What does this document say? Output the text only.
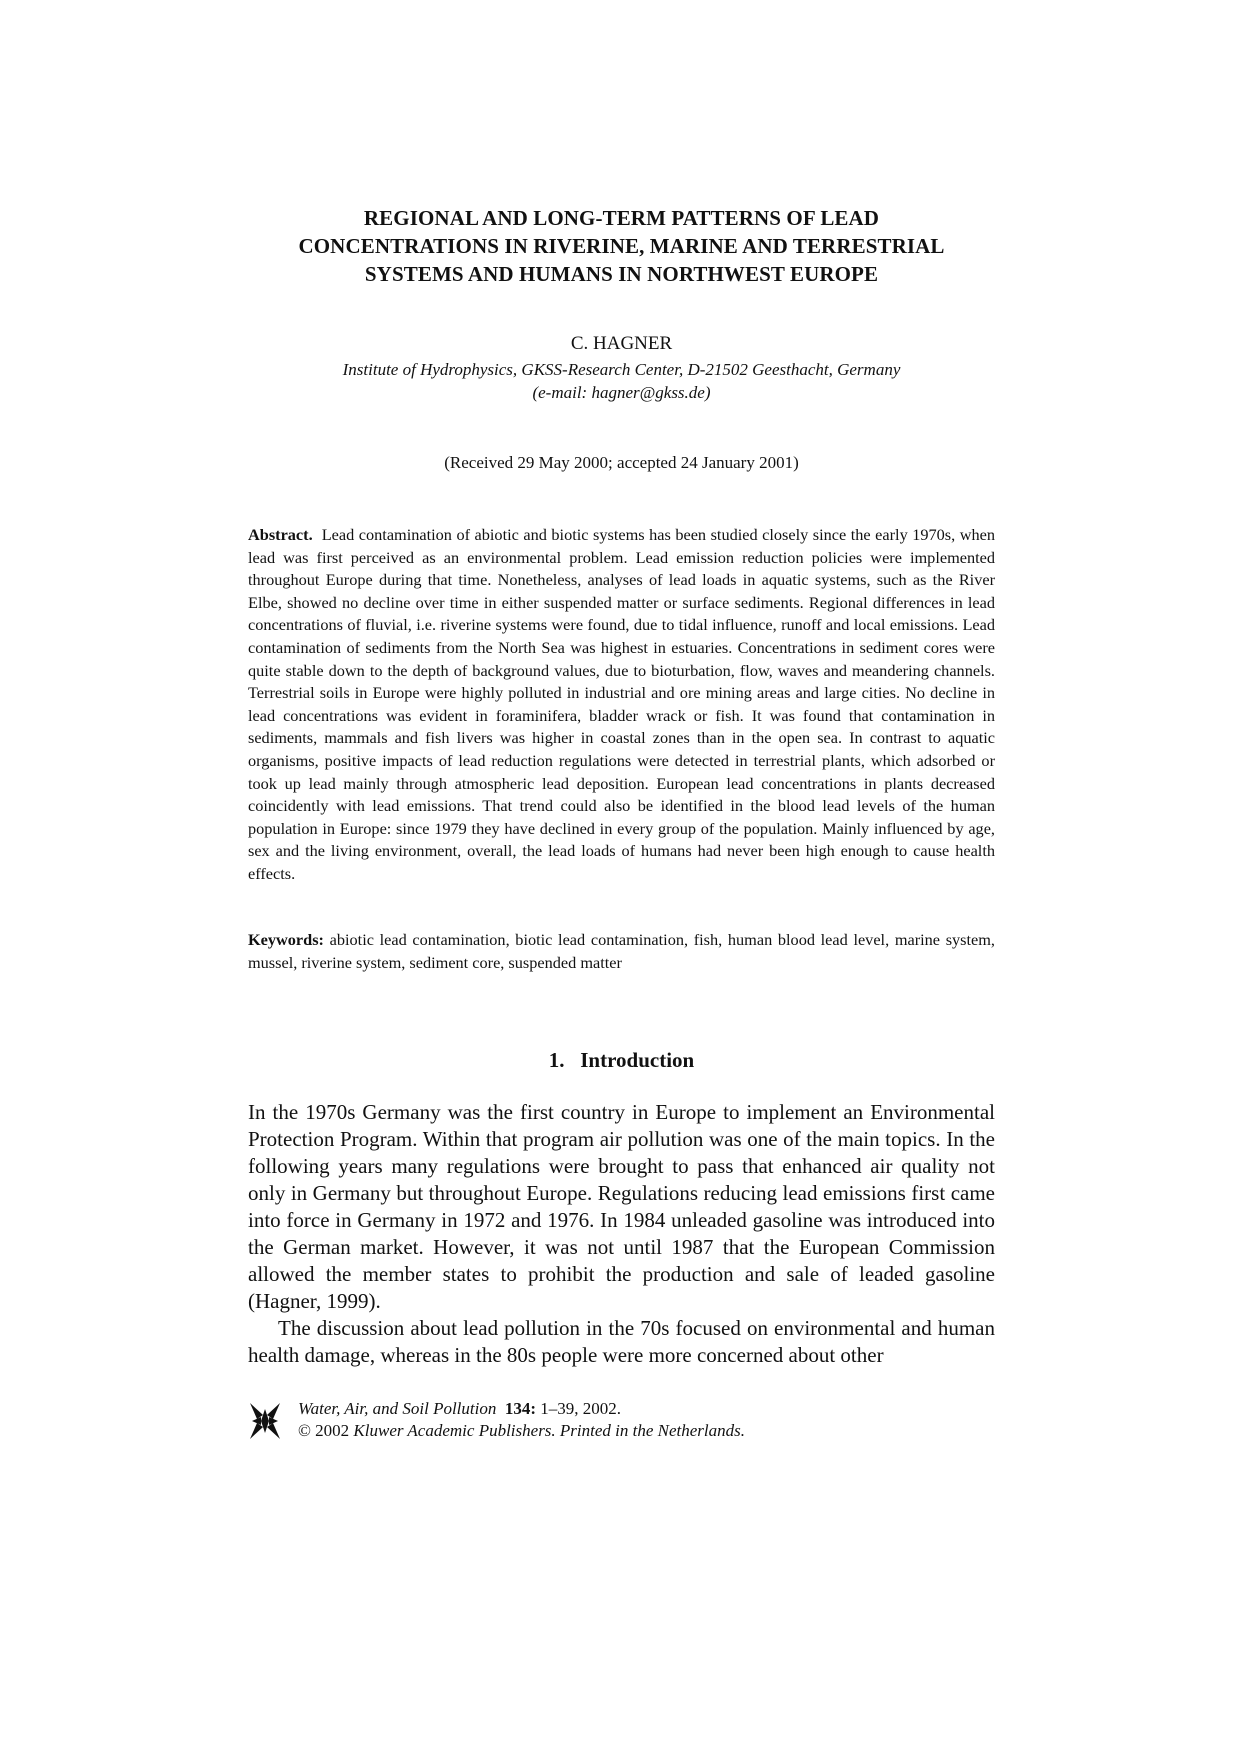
REGIONAL AND LONG-TERM PATTERNS OF LEAD
CONCENTRATIONS IN RIVERINE, MARINE AND TERRESTRIAL
SYSTEMS AND HUMANS IN NORTHWEST EUROPE
C. HAGNER
Institute of Hydrophysics, GKSS-Research Center, D-21502 Geesthacht, Germany
(e-mail: hagner@gkss.de)
(Received 29 May 2000; accepted 24 January 2001)
Abstract. Lead contamination of abiotic and biotic systems has been studied closely since the early 1970s, when lead was first perceived as an environmental problem. Lead emission reduction policies were implemented throughout Europe during that time. Nonetheless, analyses of lead loads in aquatic systems, such as the River Elbe, showed no decline over time in either suspended matter or surface sediments. Regional differences in lead concentrations of fluvial, i.e. riverine systems were found, due to tidal influence, runoff and local emissions. Lead contamination of sediments from the North Sea was highest in estuaries. Concentrations in sediment cores were quite stable down to the depth of background values, due to bioturbation, flow, waves and meandering channels. Terrestrial soils in Europe were highly polluted in industrial and ore mining areas and large cities. No decline in lead concentrations was evident in foraminifera, bladder wrack or fish. It was found that contamination in sediments, mammals and fish livers was higher in coastal zones than in the open sea. In contrast to aquatic organisms, positive impacts of lead reduction regulations were detected in terrestrial plants, which adsorbed or took up lead mainly through atmospheric lead deposition. European lead concentrations in plants decreased coincidently with lead emissions. That trend could also be identified in the blood lead levels of the human population in Europe: since 1979 they have declined in every group of the population. Mainly influenced by age, sex and the living environment, overall, the lead loads of humans had never been high enough to cause health effects.
Keywords: abiotic lead contamination, biotic lead contamination, fish, human blood lead level, marine system, mussel, riverine system, sediment core, suspended matter
1.   Introduction

In the 1970s Germany was the first country in Europe to implement an Environmental Protection Program. Within that program air pollution was one of the main topics. In the following years many regulations were brought to pass that enhanced air quality not only in Germany but throughout Europe. Regulations reducing lead emissions first came into force in Germany in 1972 and 1976. In 1984 unleaded gasoline was introduced into the German market. However, it was not until 1987 that the European Commission allowed the member states to prohibit the production and sale of leaded gasoline (Hagner, 1999).

The discussion about lead pollution in the 70s focused on environmental and human health damage, whereas in the 80s people were more concerned about other

Water, Air, and Soil Pollution 134: 1–39, 2002.
© 2002 Kluwer Academic Publishers. Printed in the Netherlands.
